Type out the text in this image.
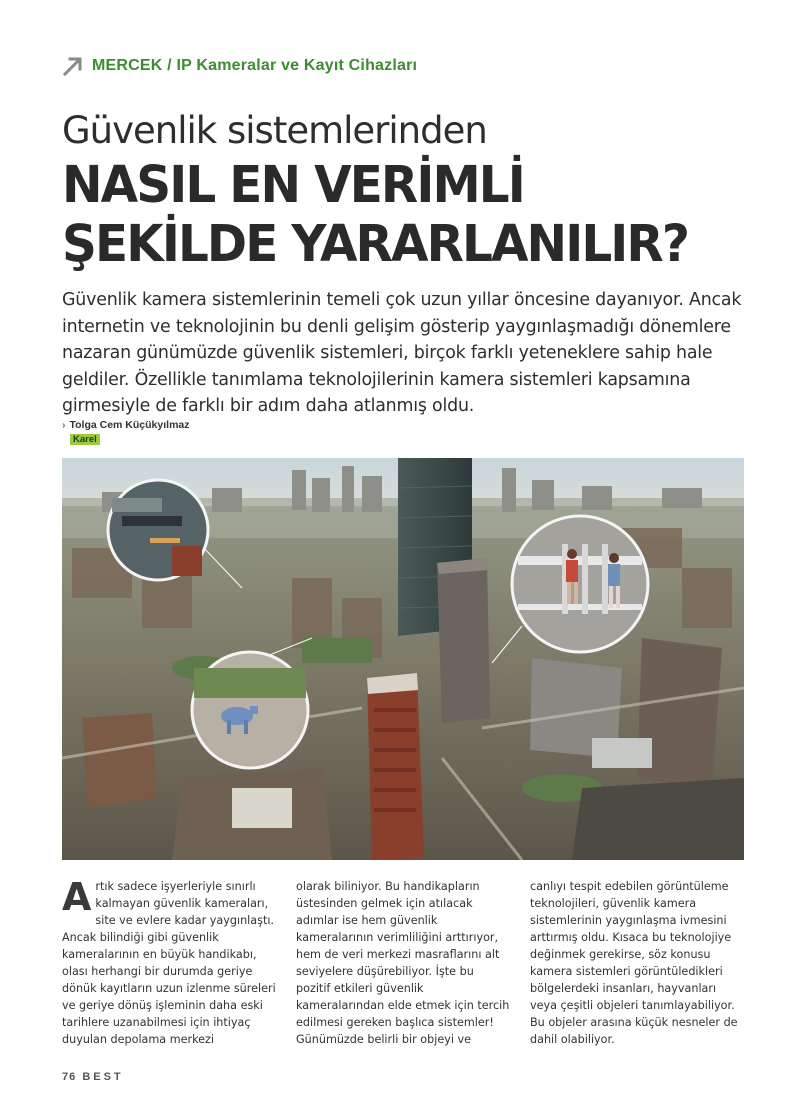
MERCEK / IP Kameralar ve Kayıt Cihazları
Güvenlik sistemlerinden
NASIL EN VERİMLİ
ŞEKİLDE YARARLANILIR?

Güvenlik kamera sistemlerinin temeli çok uzun yıllar öncesine dayanıyor. Ancak internetin ve teknolojinin bu denli gelişim gösterip yaygınlaşmadığı dönemlere nazaran günümüzde güvenlik sistemleri, birçok farklı yeteneklere sahip hale geldiler. Özellikle tanımlama teknolojilerinin kamera sistemleri kapsamına girmesiyle de farklı bir adım daha atlanmış oldu.

› Tolga Cem Küçükyılmaz
Karel

Artık sadece işyerleriyle sınırlı kalmayan güvenlik kameraları, site ve evlere kadar yaygınlaştı. Ancak bilindiği gibi güvenlik kameralarının en büyük handikabı, olası herhangi bir durumda geriye dönük kayıtların uzun izlenme süreleri ve geriye dönüş işleminin daha eski tarihlere uzanabilmesi için ihtiyaç duyulan depolama merkezi

olarak biliniyor. Bu handikapların üstesinden gelmek için atılacak adımlar ise hem güvenlik kameralarının verimliliğini arttırıyor, hem de veri merkezi masraflarını alt seviyelere düşürebiliyor. İşte bu pozitif etkileri güvenlik kameralarından elde etmek için tercih edilmesi gereken başlıca sistemler! Günümüzde belirli bir objeyi ve

canlıyı tespit edebilen görüntüleme teknolojileri, güvenlik kamera sistemlerinin yaygınlaşma ivmesini arttırmış oldu. Kısaca bu teknolojiye değinmek gerekirse, söz konusu kamera sistemleri görüntüledikleri bölgelerdeki insanları, hayvanları veya çeşitli objeleri tanımlayabiliyor. Bu objeler arasına küçük nesneler de dahil olabiliyor.

76 BEST
